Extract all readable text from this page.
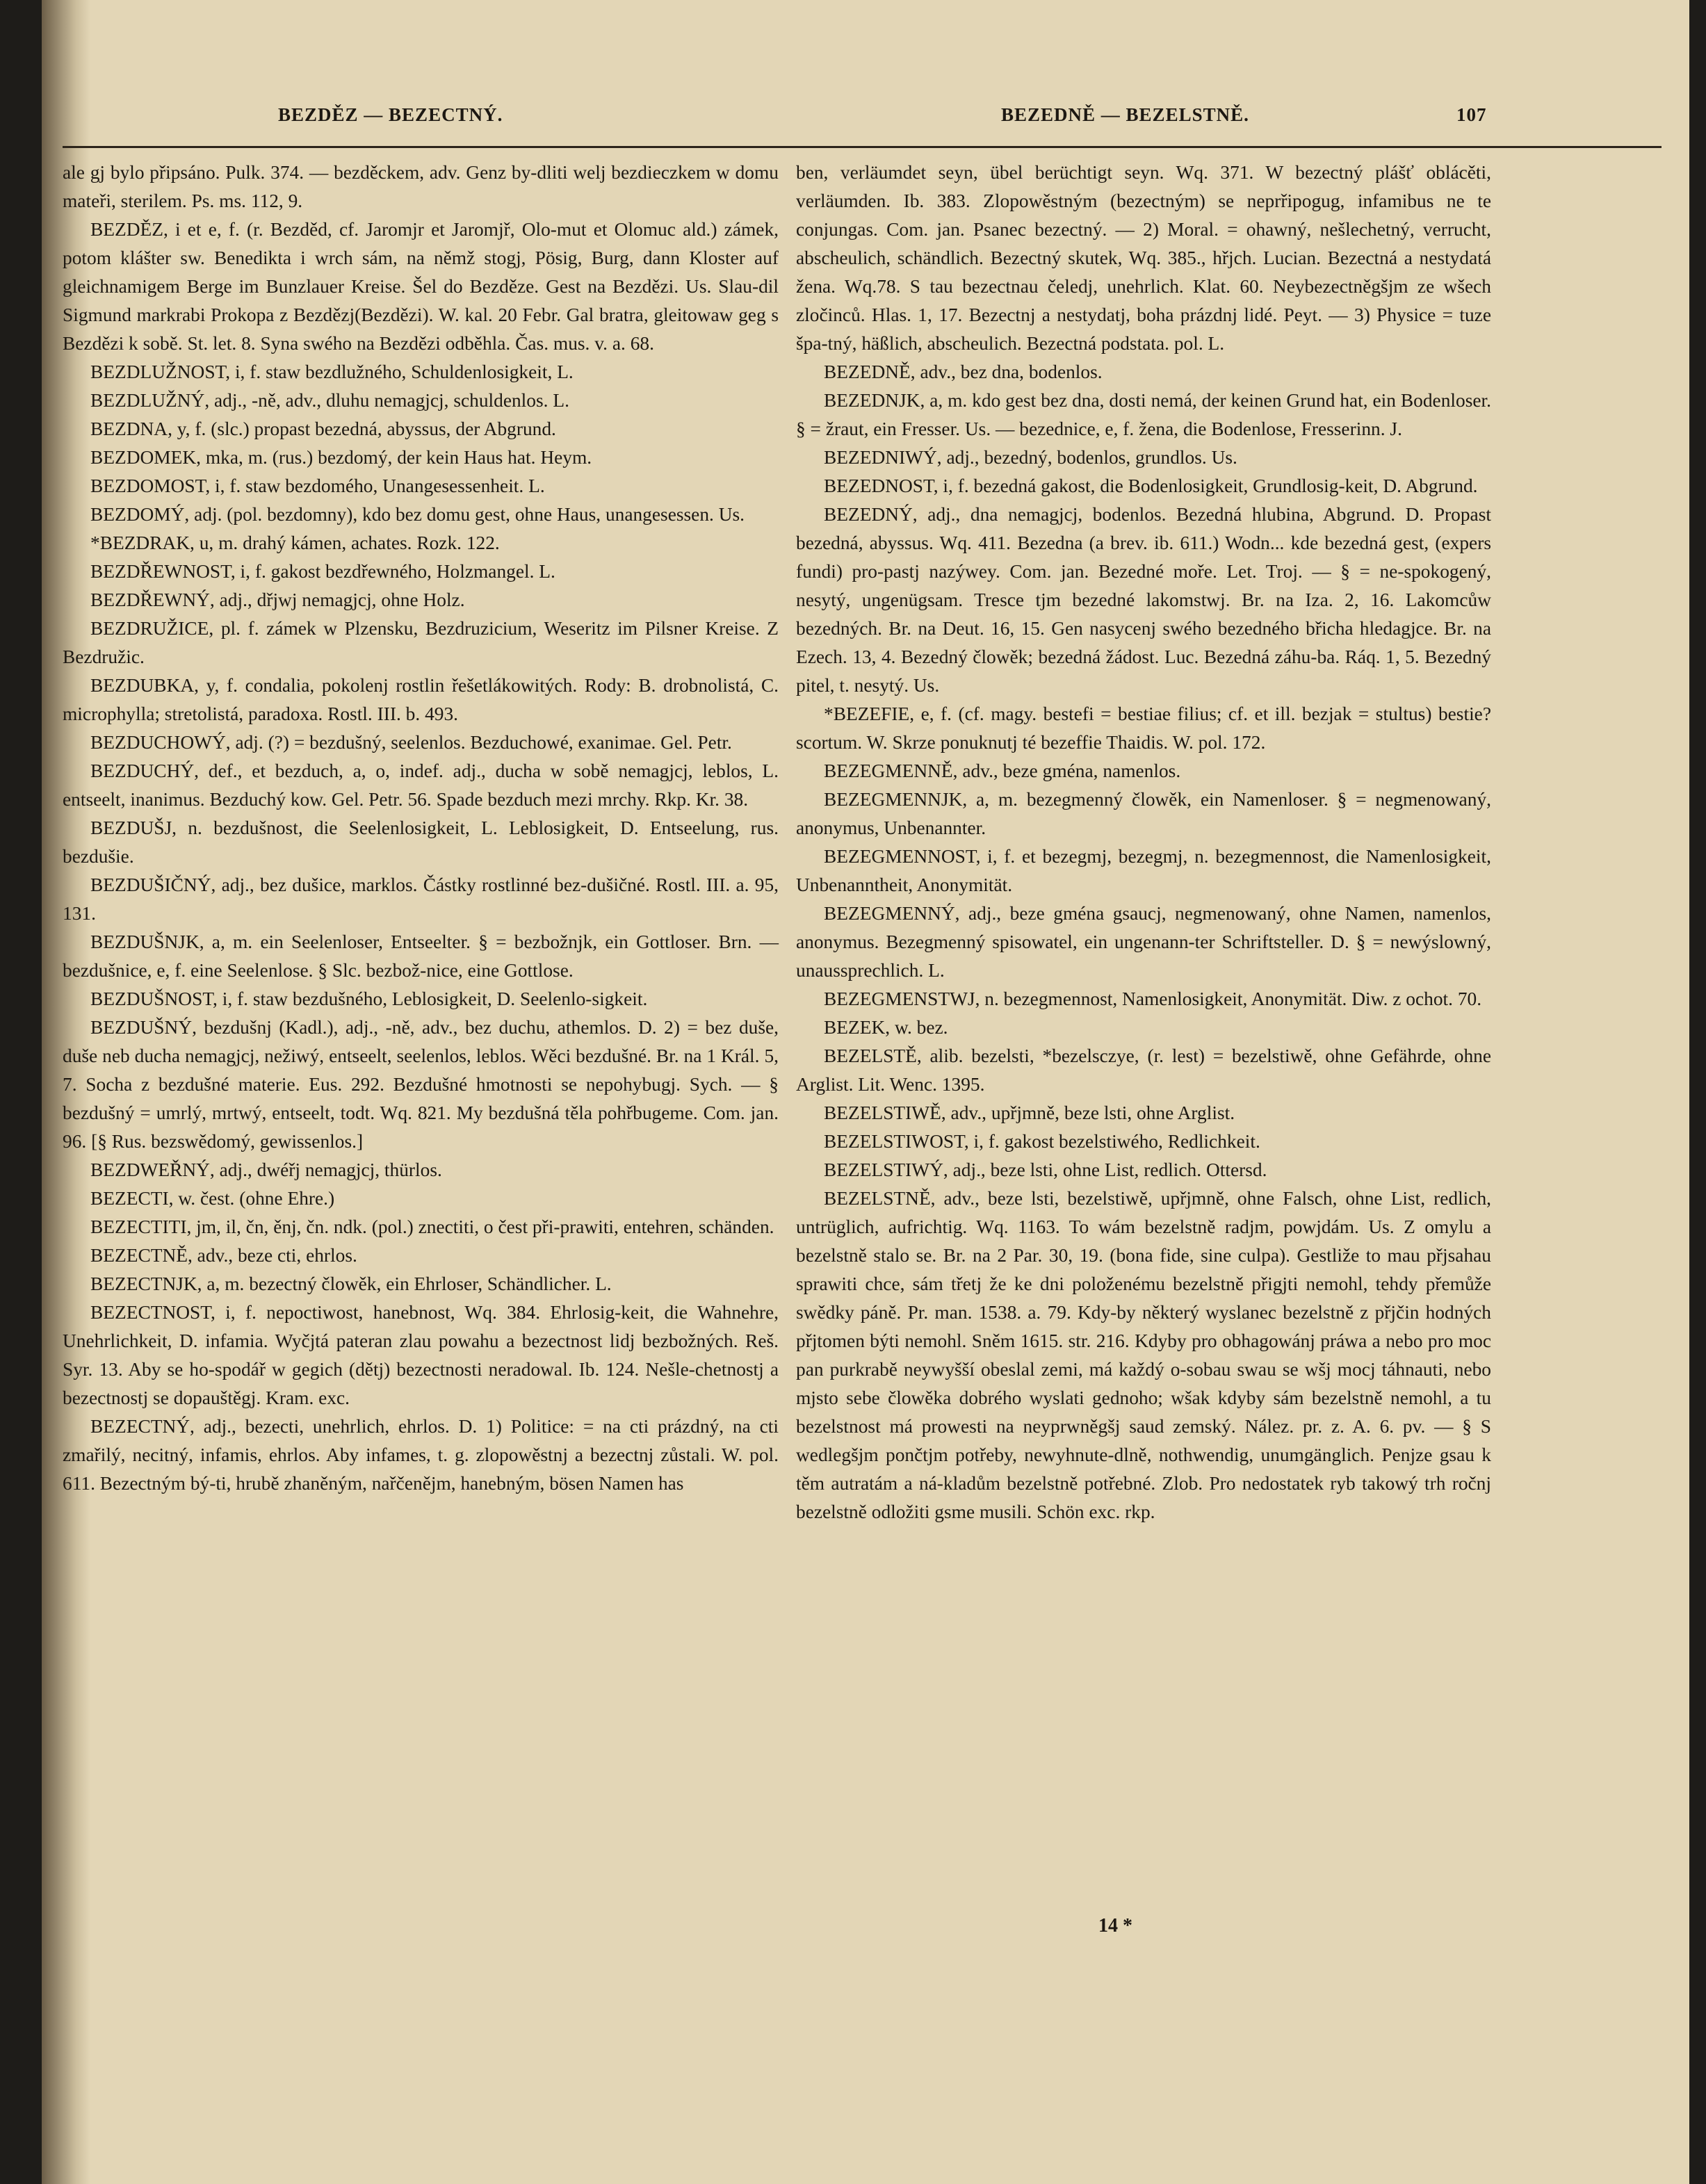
BEZDĚZ — BEZECTNÝ.	BEZEDNĚ — BEZELSTNĚ.	107

ale gj bylo připsáno. Pulk. 374. — bezděckem, adv. Genz by-dliti welj bezdieczkem w domu mateři, sterilem. Ps. ms. 112, 9.

BEZDĚZ, i et e, f. (r. Bezděd, cf. Jaromjr et Jaromjř, Olo-mut et Olomuc ald.) zámek, potom klášter sw. Benedikta i wrch sám, na němž stogj, Pösig, Burg, dann Kloster auf gleichnamigem Berge im Bunzlauer Kreise. Šel do Bezděze. Gest na Bezdězi. Us. Slau-dil Sigmund markrabi Prokopa z Bezdězj(Bezdězi). W. kal. 20 Febr. Gal bratra, gleitowaw geg s Bezdězi k sobě. St. let. 8. Syna swého na Bezdězi odběhla. Čas. mus. v. a. 68.

BEZDLUŽNOST, i, f. staw bezdlužného, Schuldenlosigkeit, L.

BEZDLUŽNÝ, adj., -ně, adv., dluhu nemagjcj, schuldenlos. L.

BEZDNA, y, f. (slc.) propast bezedná, abyssus, der Abgrund.

BEZDOMEK, mka, m. (rus.) bezdomý, der kein Haus hat. Heym.

BEZDOMOST, i, f. staw bezdomého, Unangesessenheit. L.

BEZDOMÝ, adj. (pol. bezdomny), kdo bez domu gest, ohne Haus, unangesessen. Us.

*BEZDRAK, u, m. drahý kámen, achates. Rozk. 122.

BEZDŘEWNOST, i, f. gakost bezdřewného, Holzmangel. L.

BEZDŘEWNÝ, adj., dřjwj nemagjcj, ohne Holz.

BEZDRUŽICE, pl. f. zámek w Plzensku, Bezdruzicium, Weseritz im Pilsner Kreise. Z Bezdružic.

BEZDUBKA, y, f. condalia, pokolenj rostlin řešetlákowitých. Rody: B. drobnolistá, C. microphylla; stretolistá, paradoxa. Rostl. III. b. 493.

BEZDUCHOWÝ, adj. (?) = bezdušný, seelenlos. Bezduchowé, exanimae. Gel. Petr.

BEZDUCHÝ, def., et bezduch, a, o, indef. adj., ducha w sobě nemagjcj, leblos, L. entseelt, inanimus. Bezduchý kow. Gel. Petr. 56. Spade bezduch mezi mrchy. Rkp. Kr. 38.

BEZDUŠJ, n. bezdušnost, die Seelenlosigkeit, L. Leblosigkeit, D. Entseelung, rus. bezdušie.

BEZDUŠIČNÝ, adj., bez dušice, marklos. Částky rostlinné bez-dušičné. Rostl. III. a. 95, 131.

BEZDUŠNJK, a, m. ein Seelenloser, Entseelter. § = bezbožnjk, ein Gottloser. Brn. — bezdušnice, e, f. eine Seelenlose. § Slc. bezbož-nice, eine Gottlose.

BEZDUŠNOST, i, f. staw bezdušného, Leblosigkeit, D. Seelenlo-sigkeit.

BEZDUŠNÝ, bezdušnj (Kadl.), adj., -ně, adv., bez duchu, athemlos. D. 2) = bez duše, duše neb ducha nemagjcj, nežiwý, entseelt, seelenlos, leblos. Wěci bezdušné. Br. na 1 Král. 5, 7. Socha z bezdušné materie. Eus. 292. Bezdušné hmotnosti se nepohybugj. Sych. — § bezdušný = umrlý, mrtwý, entseelt, todt. Wq. 821. My bezdušná těla pohřbugeme. Com. jan. 96. [§ Rus. bezswědomý, gewissenlos.]

BEZDWEŘNÝ, adj., dwéřj nemagjcj, thürlos.

BEZECTI, w. čest. (ohne Ehre.)

BEZECTITI, jm, il, čn, ěnj, čn. ndk. (pol.) znectiti, o čest při-prawiti, entehren, schänden.

BEZECTNĚ, adv., beze cti, ehrlos.

BEZECTNJK, a, m. bezectný člowěk, ein Ehrloser, Schändlicher. L.

BEZECTNOST, i, f. nepoctiwost, hanebnost, Wq. 384. Ehrlosig-keit, die Wahnehre, Unehrlichkeit, D. infamia. Wyčjtá pateran zlau powahu a bezectnost lidj bezbožných. Reš. Syr. 13. Aby se ho-spodář w gegich (dětj) bezectnosti neradowal. Ib. 124. Nešle-chetnostj a bezectnostj se dopauštěgj. Kram. exc.

BEZECTNÝ, adj., bezecti, unehrlich, ehrlos. D. 1) Politice: = na cti prázdný, na cti zmařilý, necitný, infamis, ehrlos. Aby infames, t. g. zlopowěstnj a bezectnj zůstali. W. pol. 611. Bezectným bý-ti, hrubě zhaněným, nařčenějm, hanebným, bösen Namen has

ben, verläumdet seyn, übel berüchtigt seyn. Wq. 371. W bezectný plášť oblácěti, verläumden. Ib. 383. Zlopowěstným (bezectným) se neprřipogug, infamibus ne te conjungas. Com. jan. Psanec bezectný. — 2) Moral. = ohawný, nešlechetný, verrucht, abscheulich, schändlich. Bezectný skutek, Wq. 385., hřjch. Lucian. Bezectná a nestydatá žena. Wq.78. S tau bezectnau čeledj, unehrlich. Klat. 60. Neybezectněgšjm ze wšech zločinců. Hlas. 1, 17. Bezectnj a nestydatj, boha prázdnj lidé. Peyt. — 3) Physice = tuze špa-tný, häßlich, abscheulich. Bezectná podstata. pol. L.

BEZEDNĚ, adv., bez dna, bodenlos.

BEZEDNJK, a, m. kdo gest bez dna, dosti nemá, der keinen Grund hat, ein Bodenloser. § = žraut, ein Fresser. Us. — bezednice, e, f. žena, die Bodenlose, Fresserinn. J.

BEZEDNIWÝ, adj., bezedný, bodenlos, grundlos. Us.

BEZEDNOST, i, f. bezedná gakost, die Bodenlosigkeit, Grundlosig-keit, D. Abgrund.

BEZEDNÝ, adj., dna nemagjcj, bodenlos. Bezedná hlubina, Abgrund. D. Propast bezedná, abyssus. Wq. 411. Bezedna (a brev. ib. 611.) Wodn... kde bezedná gest, (expers fundi) pro-pastj nazýwey. Com. jan. Bezedné moře. Let. Troj. — § = ne-spokogený, nesytý, ungenügsam. Tresce tjm bezedné lakomstwj. Br. na Iza. 2, 16. Lakomcůw bezedných. Br. na Deut. 16, 15. Gen nasycenj swého bezedného břicha hledagjce. Br. na Ezech. 13, 4. Bezedný člowěk; bezedná žádost. Luc. Bezedná záhu-ba. Ráq. 1, 5. Bezedný pitel, t. nesytý. Us.

*BEZEFIE, e, f. (cf. magy. bestefi = bestiae filius; cf. et ill. bezjak = stultus) bestie? scortum. W. Skrze ponuknutj té bezeffie Thaidis. W. pol. 172.

BEZEGMENNĚ, adv., beze gména, namenlos.

BEZEGMENNJK, a, m. bezegmenný člowěk, ein Namenloser. § = negmenowaný, anonymus, Unbenannter.

BEZEGMENNOST, i, f. et bezegmj, bezegmj, n. bezegmennost, die Namenlosigkeit, Unbenanntheit, Anonymität.

BEZEGMENNÝ, adj., beze gména gsaucj, negmenowaný, ohne Namen, namenlos, anonymus. Bezegmenný spisowatel, ein ungenann-ter Schriftsteller. D. § = newýslowný, unaussprechlich. L.

BEZEGMENSTWJ, n. bezegmennost, Namenlosigkeit, Anonymität. Diw. z ochot. 70.

BEZEK, w. bez.

BEZELSTĚ, alib. bezelsti, *bezelsczye, (r. lest) = bezelstiwě, ohne Gefährde, ohne Arglist. Lit. Wenc. 1395.

BEZELSTIWĚ, adv., upřjmně, beze lsti, ohne Arglist.

BEZELSTIWOST, i, f. gakost bezelstiwého, Redlichkeit.

BEZELSTIWÝ, adj., beze lsti, ohne List, redlich. Ottersd.

BEZELSTNĚ, adv., beze lsti, bezelstiwě, upřjmně, ohne Falsch, ohne List, redlich, untrüglich, aufrichtig. Wq. 1163. To wám bezelstně radjm, powjdám. Us. Z omylu a bezelstně stalo se. Br. na 2 Par. 30, 19. (bona fide, sine culpa). Gestliže to mau přjsahau sprawiti chce, sám třetj že ke dni položenému bezelstně přigjti nemohl, tehdy přemůže swědky páně. Pr. man. 1538. a. 79. Kdy-by některý wyslanec bezelstně z přjčin hodných přjtomen býti nemohl. Sněm 1615. str. 216. Kdyby pro obhagowánj práwa a nebo pro moc pan purkrabě neywyšší obeslal zemi, má každý o-sobau swau se wšj mocj táhnauti, nebo mjsto sebe člowěka dobrého wyslati gednoho; wšak kdyby sám bezelstně nemohl, a tu bezelstnost má prowesti na neyprwněgšj saud zemský. Nález. pr. z. A. 6. pv. — § S wedlegšjm pončtjm potřeby, newyhnute-dlně, nothwendig, unumgänglich. Penjze gsau k těm autratám a ná-kladům bezelstně potřebné. Zlob. Pro nedostatek ryb takowý trh ročnj bezelstně odložiti gsme musili. Schön exc. rkp.

14 *
